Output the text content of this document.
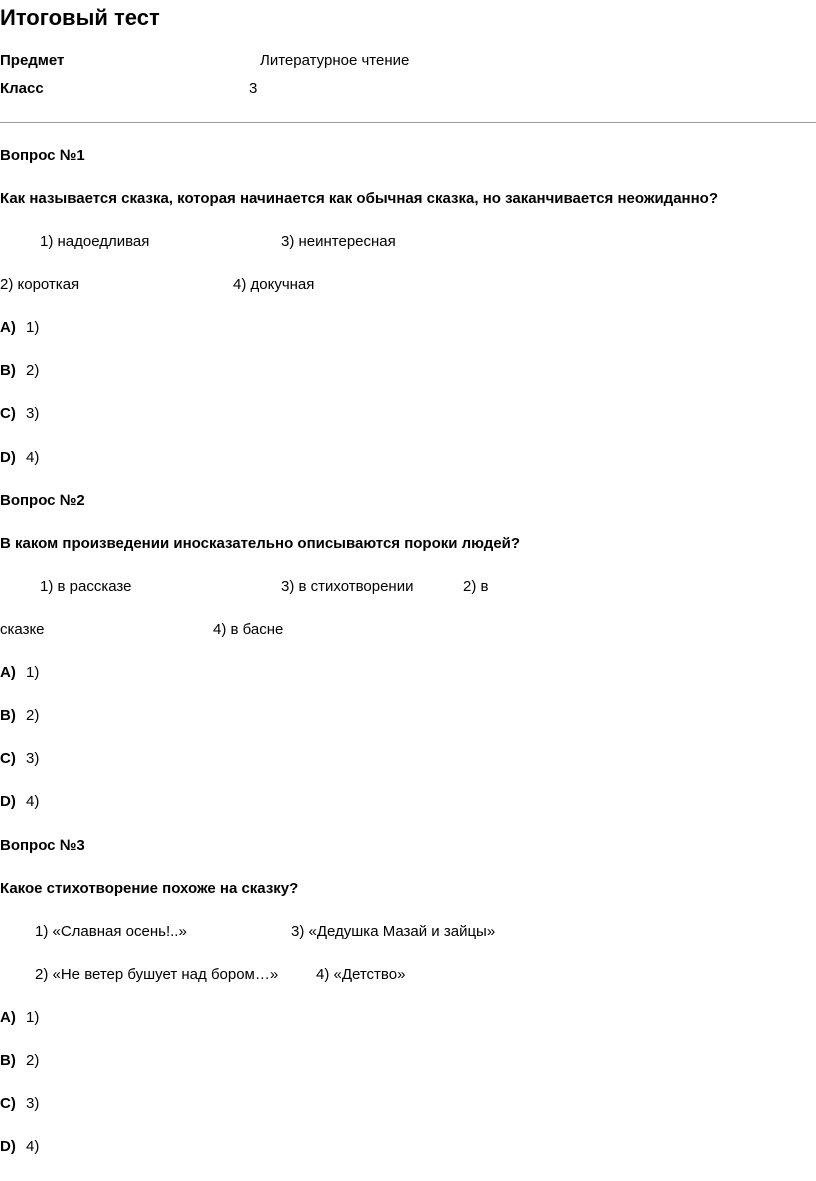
Итоговый тест
Предмет	Литературное чтение
Класс	3
Вопрос №1
Как называется сказка, которая начинается как обычная сказка, но заканчивается неожиданно?
1) надоедливая	3) неинтересная
2) короткая	4) докучная
A) 1)
B) 2)
C) 3)
D) 4)
Вопрос №2
В каком произведении иносказательно описываются пороки людей?
1) в рассказе	3) в стихотворении	2) в
сказке	4) в басне
A) 1)
B) 2)
C) 3)
D) 4)
Вопрос №3
Какое стихотворение похоже на сказку?
1) «Славная осень!..»	3) «Дедушка Мазай и зайцы»
2) «Не ветер бушует над бором…»	4) «Детство»
A) 1)
B) 2)
C) 3)
D) 4)
